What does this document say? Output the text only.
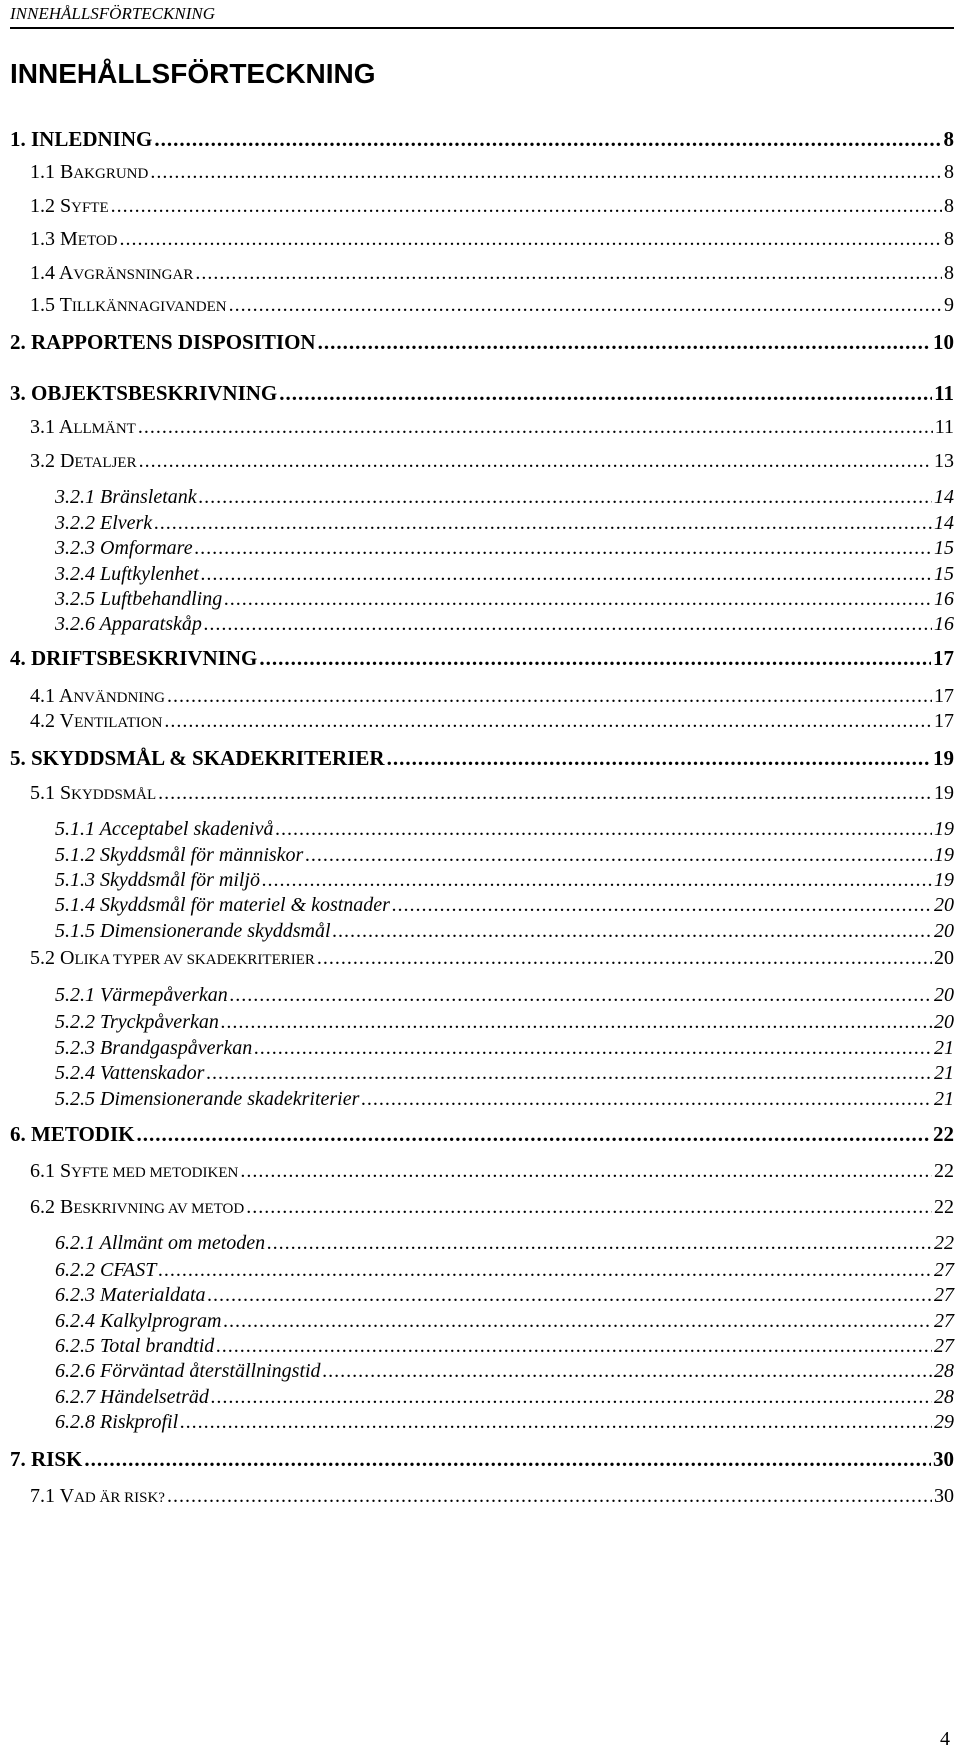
INNEHÅLLSFÖRTECKNING
INNEHÅLLSFÖRTECKNING
1. INLEDNING .....	8
1.1 BAKGRUND .....	8
1.2 SYFTE .....	8
1.3 METOD .....	8
1.4 AVGRÄNSNINGAR .....	8
1.5 TILLKÄNNAGIVANDEN .....	9
2. RAPPORTENS DISPOSITION .....	10
3. OBJEKTSBESKRIVNING .....	11
3.1 ALLMÄNT .....	11
3.2 DETALJER .....	13
3.2.1 Bränsletank .....	14
3.2.2 Elverk .....	14
3.2.3 Omformare .....	15
3.2.4 Luftkylenhet .....	15
3.2.5 Luftbehandling .....	16
3.2.6 Apparatskåp .....	16
4. DRIFTSBESKRIVNING .....	17
4.1 ANVÄNDNING .....	17
4.2 VENTILATION .....	17
5. SKYDDSMÅL & SKADEKRITERIER .....	19
5.1 SKYDDSMÅL .....	19
5.1.1 Acceptabel skadenivå .....	19
5.1.2 Skyddsmål för människor .....	19
5.1.3 Skyddsmål för miljö .....	19
5.1.4 Skyddsmål för materiel & kostnader .....	20
5.1.5 Dimensionerande skyddsmål .....	20
5.2 OLIKA TYPER AV SKADEKRITERIER .....	20
5.2.1 Värmepåverkan .....	20
5.2.2 Tryckpåverkan .....	20
5.2.3 Brandgaspåverkan .....	21
5.2.4 Vattenskador .....	21
5.2.5 Dimensionerande skadekriterier .....	21
6. METODIK .....	22
6.1 SYFTE MED METODIKEN .....	22
6.2 BESKRIVNING AV METOD .....	22
6.2.1 Allmänt om metoden .....	22
6.2.2 CFAST .....	27
6.2.3 Materialdata .....	27
6.2.4 Kalkylprogram .....	27
6.2.5 Total brandtid .....	27
6.2.6 Förväntad återställningstid .....	28
6.2.7 Händelseträd .....	28
6.2.8 Riskprofil .....	29
7. RISK .....	30
7.1 VAD ÄR RISK? .....	30
4
